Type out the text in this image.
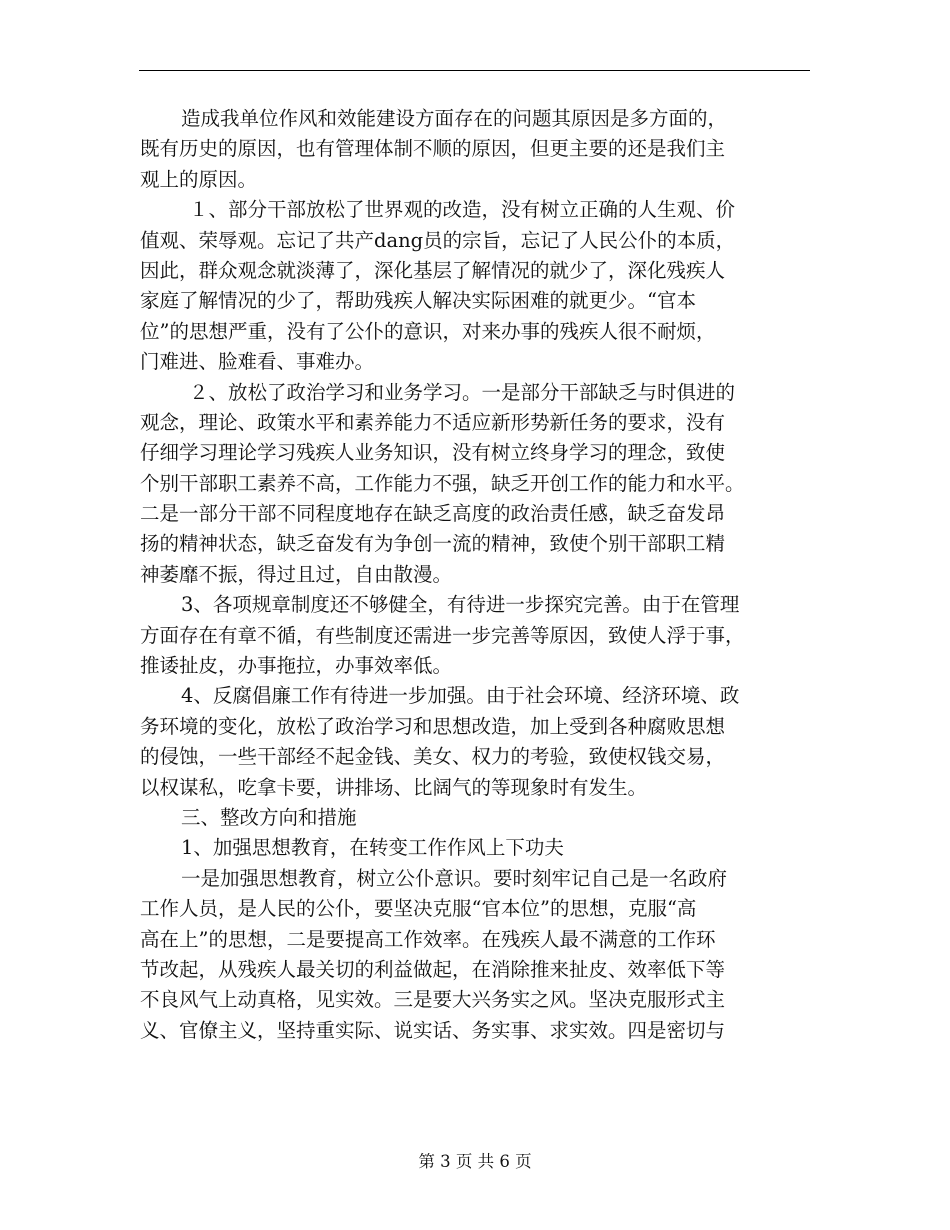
造成我单位作风和效能建设方面存在的问题其原因是多方面的，
既有历史的原因，也有管理体制不顺的原因，但更主要的还是我们主
观上的原因。
１、部分干部放松了世界观的改造，没有树立正确的人生观、价
值观、荣辱观。忘记了共产dang员的宗旨，忘记了人民公仆的本质，
因此，群众观念就淡薄了，深化基层了解情况的就少了，深化残疾人
家庭了解情况的少了，帮助残疾人解决实际困难的就更少。“官本
位”的思想严重，没有了公仆的意识，对来办事的残疾人很不耐烦，
门难进、脸难看、事难办。
２、放松了政治学习和业务学习。一是部分干部缺乏与时俱进的
观念，理论、政策水平和素养能力不适应新形势新任务的要求，没有
仔细学习理论学习残疾人业务知识，没有树立终身学习的理念，致使
个别干部职工素养不高，工作能力不强，缺乏开创工作的能力和水平。
二是一部分干部不同程度地存在缺乏高度的政治责任感，缺乏奋发昂
扬的精神状态，缺乏奋发有为争创一流的精神，致使个别干部职工精
神萎靡不振，得过且过，自由散漫。
3、各项规章制度还不够健全，有待进一步探究完善。由于在管理
方面存在有章不循，有些制度还需进一步完善等原因，致使人浮于事，
推诿扯皮，办事拖拉，办事效率低。
4、反腐倡廉工作有待进一步加强。由于社会环境、经济环境、政
务环境的变化，放松了政治学习和思想改造，加上受到各种腐败思想
的侵蚀，一些干部经不起金钱、美女、权力的考验，致使权钱交易，
以权谋私，吃拿卡要，讲排场、比阔气的等现象时有发生。
三、整改方向和措施
1、加强思想教育，在转变工作作风上下功夫
一是加强思想教育，树立公仆意识。要时刻牢记自己是一名政府
工作人员，是人民的公仆，要坚决克服“官本位”的思想，克服“高
高在上”的思想，二是要提高工作效率。在残疾人最不满意的工作环
节改起，从残疾人最关切的利益做起，在消除推来扯皮、效率低下等
不良风气上动真格，见实效。三是要大兴务实之风。坚决克服形式主
义、官僚主义，坚持重实际、说实话、务实事、求实效。四是密切与
第 3 页 共 6 页
